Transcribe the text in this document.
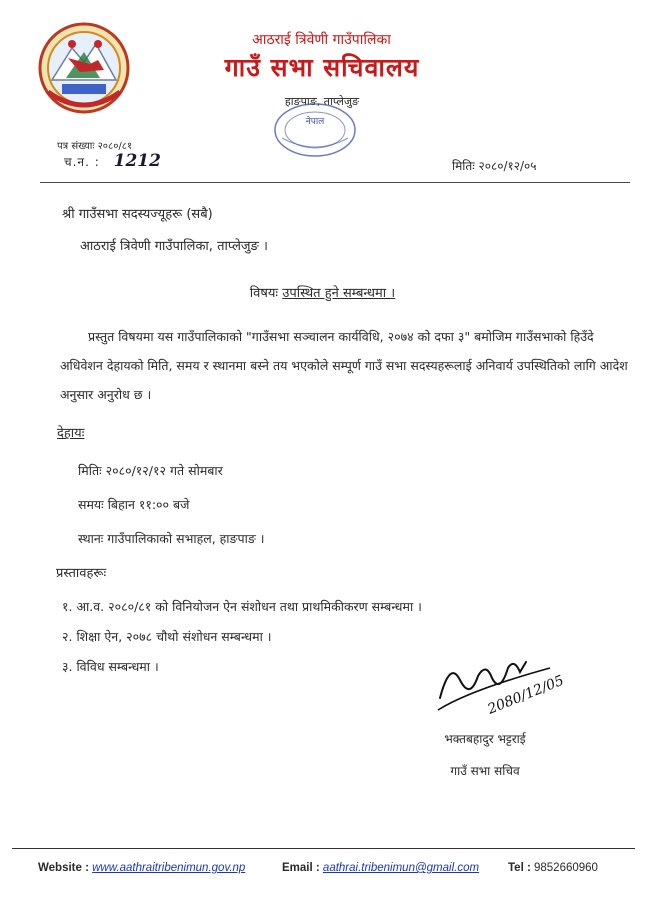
आठराई त्रिवेणी गाउँपालिका
गाउँ सभा सचिवालय
हाङपाङ, ताप्लेजुङ
नेपाल
पत्र संख्याः २०८०/८१
च.न. : 1212	मितिः २०८०/१२/०५
श्री गाउँसभा सदस्यज्यूहरू (सबै)
आठराई त्रिवेणी गाउँपालिका, ताप्लेजुङ ।
विषयः उपस्थित हुने सम्बन्धमा ।
प्रस्तुत विषयमा यस गाउँपालिकाको "गाउँसभा सञ्चालन कार्यविधि, २०७४ को दफा ३" बमोजिम गाउँसभाको हिउँदे अधिवेशन देहायको मिति, समय र स्थानमा बस्ने तय भएकोले सम्पूर्ण गाउँ सभा सदस्यहरूलाई अनिवार्य उपस्थितिको लागि आदेश अनुसार अनुरोध छ ।
देहायः
मितिः २०८०/१२/१२ गते सोमबार
समयः बिहान ११:०० बजे
स्थानः गाउँपालिकाको सभाहल, हाङपाङ ।
प्रस्तावहरूः
१. आ.व. २०८०/८१ को विनियोजन ऐन संशोधन तथा प्राथमिकीकरण सम्बन्धमा ।
२. शिक्षा ऐन, २०७८ चौथो संशोधन सम्बन्धमा ।
३. विविध सम्बन्धमा ।
2080/12/05
भक्तबहादुर भट्टराई
गाउँ सभा सचिव
Website : www.aathraitribenimun.gov.np	Email : aathrai.tribenimun@gmail.com	Tel : 9852660960
